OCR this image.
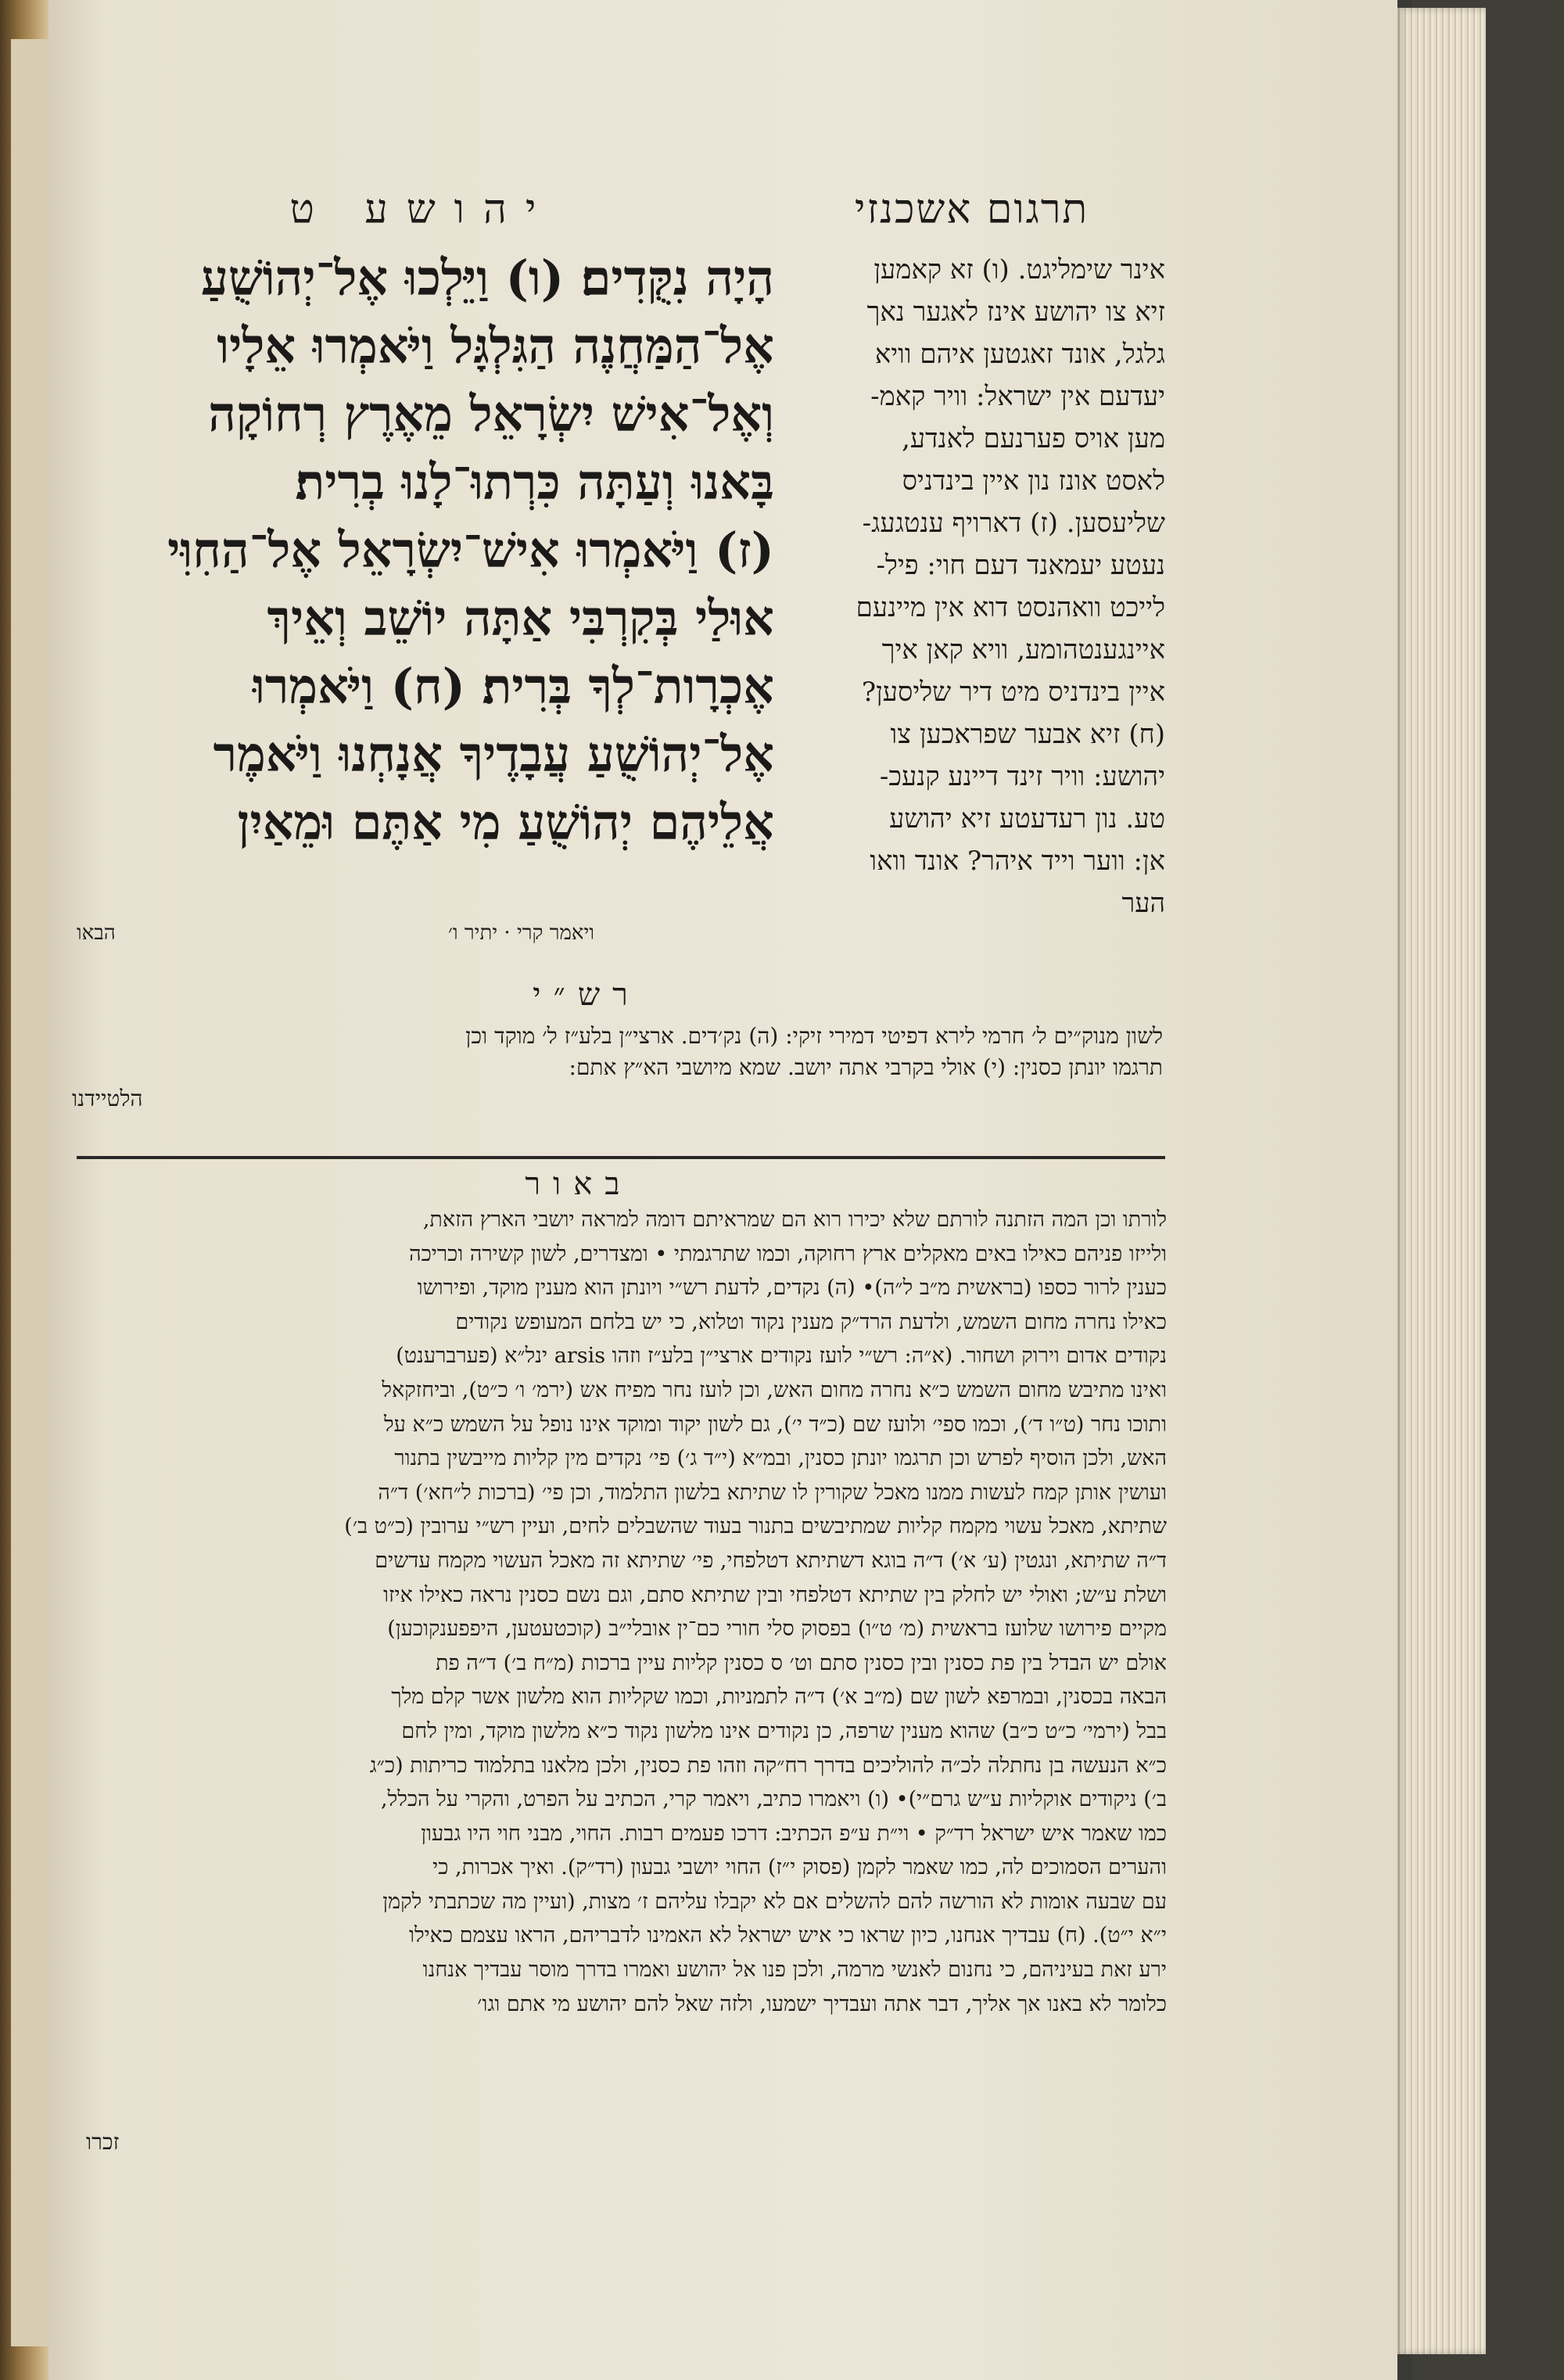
תרגום אשכנזי
יהושע ט
אינר שימליגט. (ו) זא קאמען
זיא צו יהושע אינז לאגער נאך
גלגל, אונד זאגטען איהם וויא
יעדעם אין ישראל: וויר קאמ-
מען אויס פערנעם לאנדע,
לאסט אונז נון איין בינדניס
שליעסען. (ז) דארויף ענטגעג-
נעטע יעמאנד דעם חוי: פיל-
לייכט וואהנסט דוא אין מיינעם
איינגענטהומע, וויא קאן איך
איין בינדניס מיט דיר שליסען?
(ח) זיא אבער שפראכען צו
יהושע: וויר זינד דיינע קנעכ-
טע. נון רעדעטע זיא יהושע
אן: ווער וייד איהר? אונד וואו
הער
הָיָה נִקֻּדִים׃ (ו) וַיֵּלְכוּ אֶל־יְהוֹשֻׁעַ
אֶל־הַמַּחֲנֶה הַגִּלְגָּל וַיֹּאמְרוּ אֵלָיו
וְאֶל־אִישׁ יִשְׂרָאֵל מֵאֶרֶץ רְחוֹקָה
בָּאנוּ וְעַתָּה כִּרְתוּ־לָנוּ בְרִית׃
(ז) וַיֹּאמְרוּ אִישׁ־יִשְׂרָאֵל אֶל־הַחִוִּי
אוּלַי בְּקִרְבִּי אַתָּה יוֹשֵׁב וְאֵיךְ
אֶכְרָות־לְךָ בְּרִית׃ (ח) וַיֹּאמְרוּ
אֶל־יְהוֹשֻׁעַ עֲבָדֶיךָ אֲנָחְנוּ וַיֹּאמֶר
אֲלֵיהֶם יְהוֹשֻׁעַ מִי אַתֶּם וּמֵאַיִן
ויאמר קרי · יתיר ו׳
הבאו
רש״י
לשון מנוק״ים ל׳ חרמי לירא דפיטי דמירי זיקי: (ה) נק׳דים. ארצי״ן בלע״ז ל׳ מוקד וכן
תרגמו יונתן כסנין: (י) אולי בקרבי אתה יושב. שמא מיושבי הא״ץ אתם:
הלטיידנו
באור
לורתו וכן המה הזתנה לורתם שלא יכירו רוא הם שמראיתם דומה למראה יושבי הארץ הזאת,
ולייזו פניהם כאילו באים מאקלים ארץ רחוקה, וכמו שתרגמתי • ומצדרים, לשון קשירה וכריכה
כענין לרור כספו (בראשית מ״ב ל״ה)• (ה) נקדים, לדעת רש״י ויונתן הוא מענין מוקד, ופירושו
כאילו נחרה מחום השמש, ולדעת הרד״ק מענין נקוד וטלוא, כי יש בלחם המעופש נקודים
נקודים אדום וירוק ושחור. (א״ה: רש״י לועז נקודים ארצי״ן בלע״ז וזהו arsis ינל״א (פערברענט)
ואינו מתיבש מחום השמש כ״א נחרה מחום האש, וכן לועז נחר מפיח אש (ירמ׳ ו׳ כ״ט), וביחזקאל
ותוכו נחר (ט״ו ד׳), וכמו ספי׳ ולועז שם (כ״ד י׳), גם לשון יקוד ומוקד אינו נופל על השמש כ״א על
האש, ולכן הוסיף לפרש וכן תרגמו יונתן כסנין, ובמ״א (י״ד ג׳) פי׳ נקדים מין קליות מייבשין בתנור
ועושין אותן קמח לעשות ממנו מאכל שקורין לו שתיתא בלשון התלמוד, וכן פי׳ (ברכות ל״חא׳) ד״ה
שתיתא, מאכל עשוי מקמח קליות שמתיבשים בתנור בעוד שהשבלים לחים, ועיין רש״י ערובין (כ״ט ב׳)
ד״ה שתיתא, ונגטין (ע׳ א׳) ד״ה בוגא דשתיתא דטלפחי, פי׳ שתיתא זה מאכל העשוי מקמח עדשים
ושלת ע״ש; ואולי יש לחלק בין שתיתא דטלפחי ובין שתיתא סתם, וגם נשם כסנין נראה כאילו איזו
מקיים פירושו שלועז בראשית (מ׳ ט״ו) בפסוק סלי חורי כם־ין אובלי״ב (קוכטעטען, היפפענקוכען)
אולם יש הבדל בין פת כסנין ובין כסנין סתם וט׳ ס כסנין קליות עיין ברכות (מ״ח ב׳) ד״ה פת
הבאה בכסנין, ובמרפא לשון שם (מ״ב א׳) ד״ה לתמניות, וכמו שקליות הוא מלשון אשר קלם מלך
בבל (ירמי׳ כ״ט כ״ב) שהוא מענין שרפה, כן נקודים אינו מלשון נקוד כ״א מלשון מוקד, ומין לחם
כ״א הנעשה בן נחתלה לכ״ה להוליכים בדרך רח״קה וזהו פת כסנין, ולכן מלאנו בתלמוד כריתות (כ״ג
ב׳) ניקודים אוקליות ע״ש גרם״י)• (ו) ויאמרו כתיב, ויאמר קרי, הכתיב על הפרט, והקרי על הכלל,
כמו שאמר איש ישראל רד״ק • וי״ת ע״פ הכתיב: דרכו פעמים רבות. החוי, מבני חוי היו גבעון
והערים הסמוכים לה, כמו שאמר לקמן (פסוק י״ז) החוי יושבי גבעון (רד״ק). ואיך אכרות, כי
עם שבעה אומות לא הורשה להם להשלים אם לא יקבלו עליהם ז׳ מצות, (ועיין מה שכתבתי לקמן
י״א י״ט). (ח) עבדיך אנחנו, כיון שראו כי איש ישראל לא האמינו לדבריהם, הראו עצמם כאילו
ירע זאת בעיניהם, כי נחנום לאנשי מרמה, ולכן פנו אל יהושע ואמרו בדרך מוסר עבדיך אנחנו
כלומר לא באנו אך אליך, דבר אתה ועבדיך ישמעו, ולזה שאל להם יהושע מי אתם וגו׳
זכרו
